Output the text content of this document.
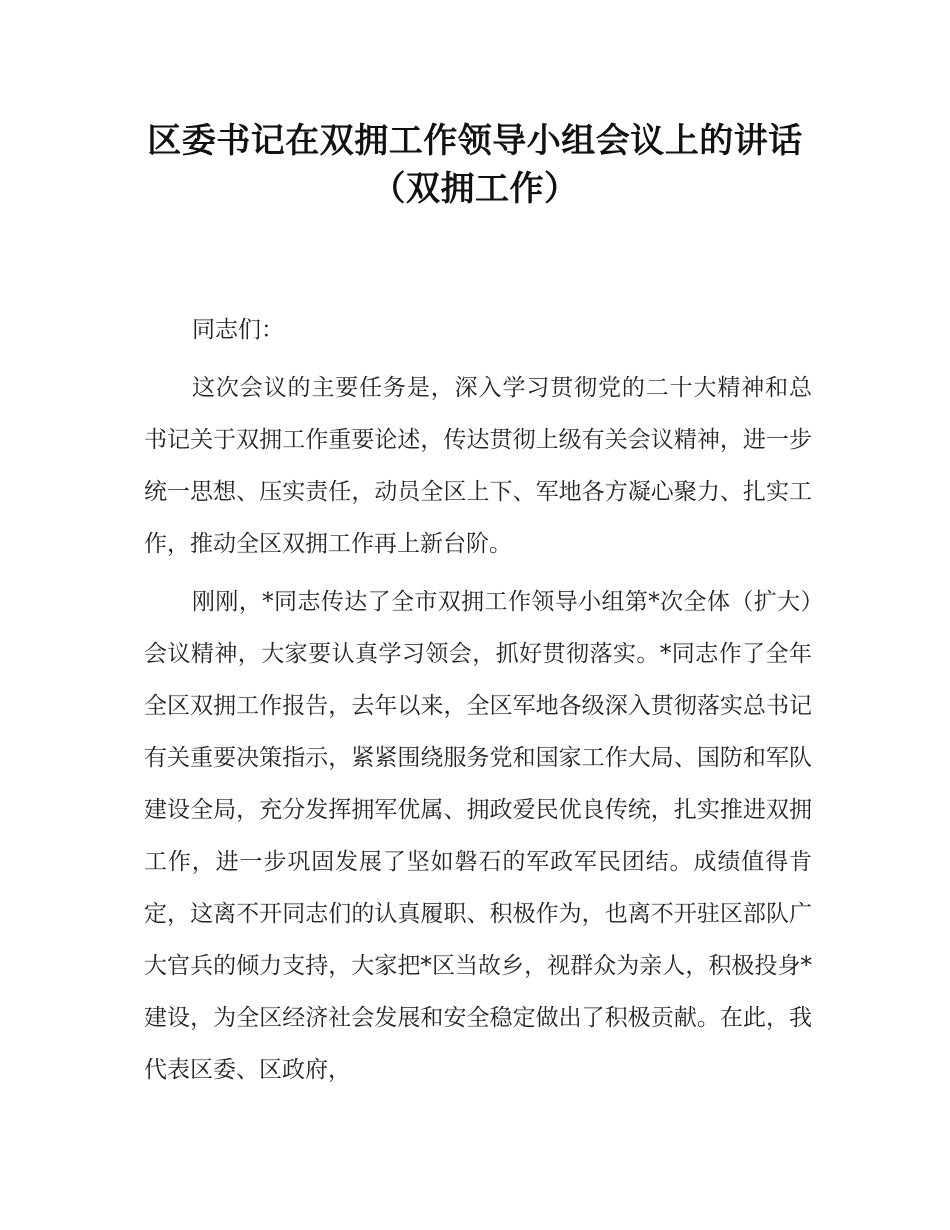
区委书记在双拥工作领导小组会议上的讲话
（双拥工作）

同志们：

这次会议的主要任务是，深入学习贯彻党的二十大精神和总书记关于双拥工作重要论述，传达贯彻上级有关会议精神，进一步统一思想、压实责任，动员全区上下、军地各方凝心聚力、扎实工作，推动全区双拥工作再上新台阶。

刚刚，*同志传达了全市双拥工作领导小组第*次全体（扩大）会议精神，大家要认真学习领会，抓好贯彻落实。*同志作了全年全区双拥工作报告，去年以来，全区军地各级深入贯彻落实总书记有关重要决策指示，紧紧围绕服务党和国家工作大局、国防和军队建设全局，充分发挥拥军优属、拥政爱民优良传统，扎实推进双拥工作，进一步巩固发展了坚如磐石的军政军民团结。成绩值得肯定，这离不开同志们的认真履职、积极作为，也离不开驻区部队广大官兵的倾力支持，大家把*区当故乡，视群众为亲人，积极投身*建设，为全区经济社会发展和安全稳定做出了积极贡献。在此，我代表区委、区政府，
